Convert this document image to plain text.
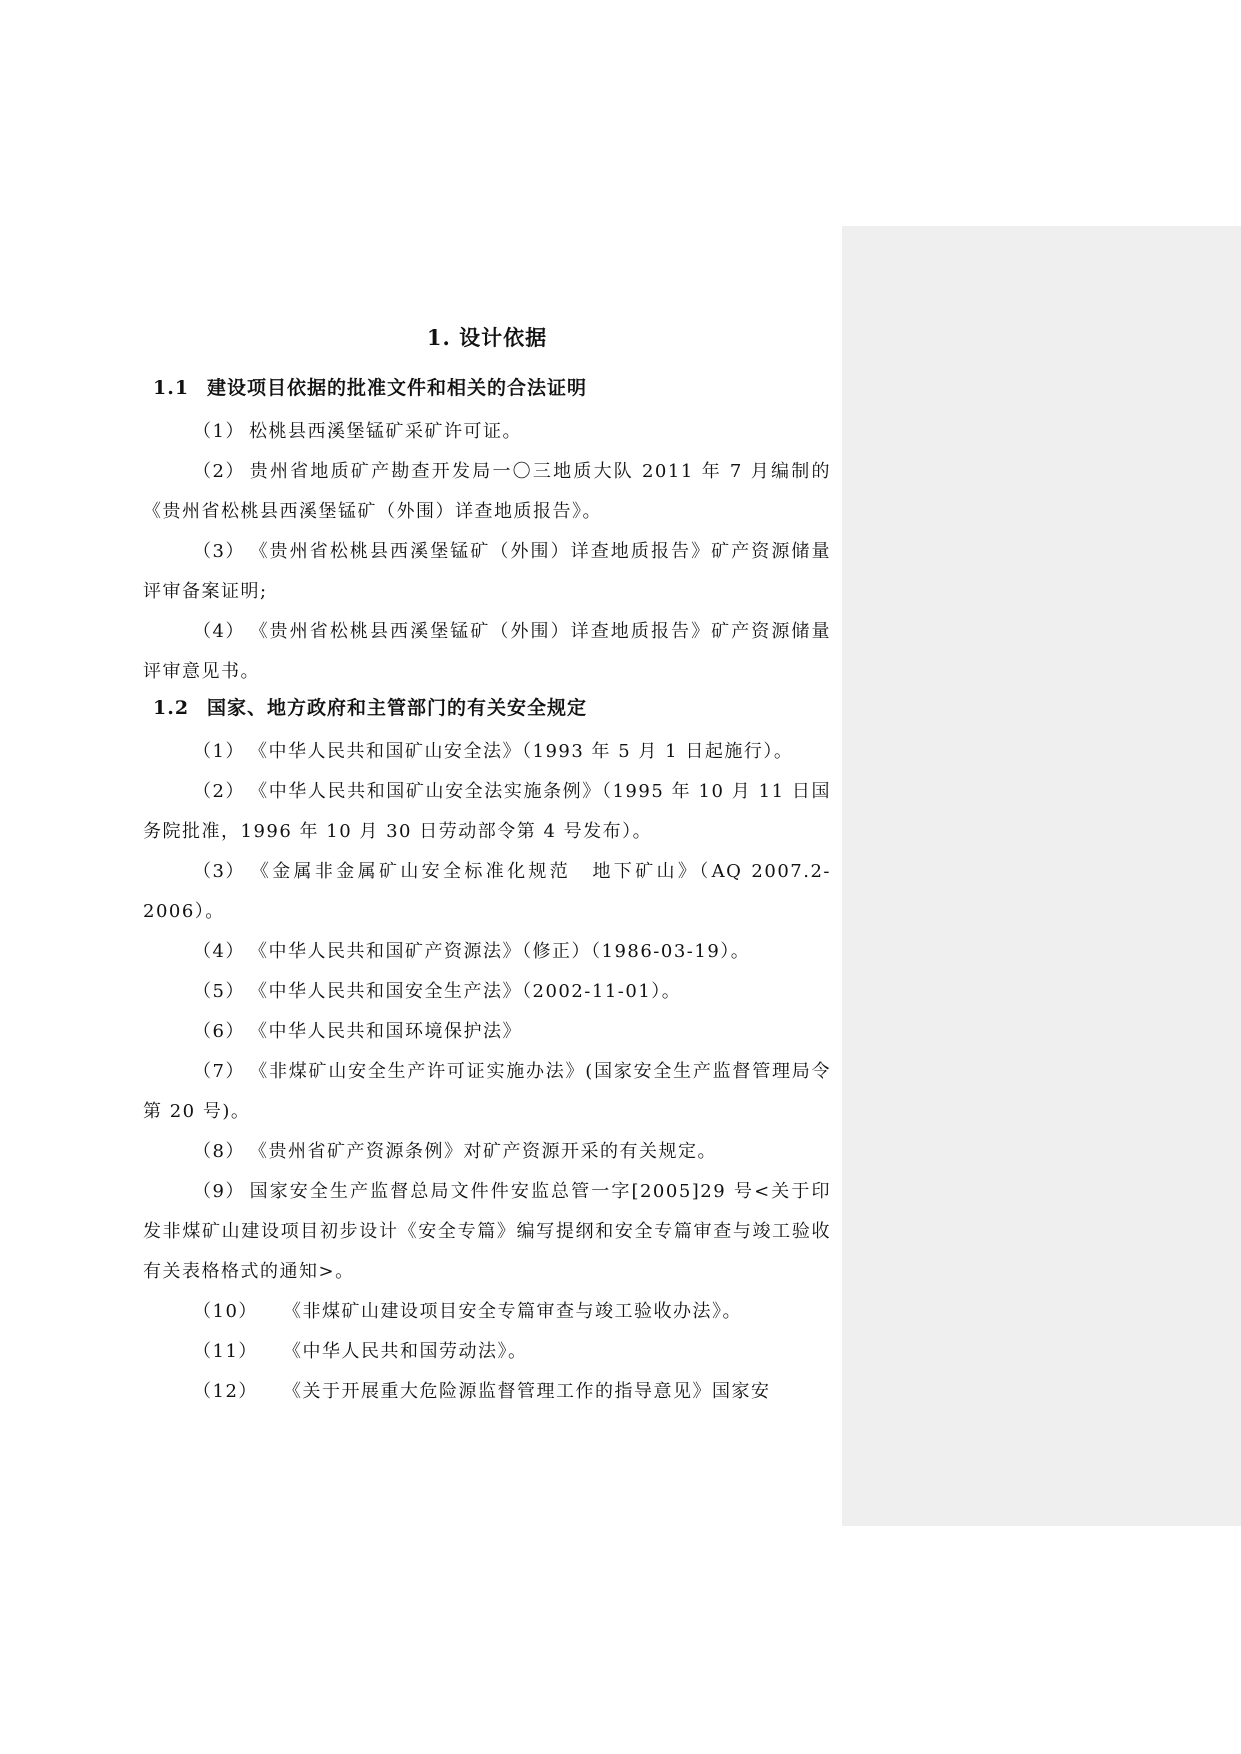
1. 设计依据
1.1 建设项目依据的批准文件和相关的合法证明

（1） 松桃县西溪堡锰矿采矿许可证。

（2） 贵州省地质矿产勘查开发局一〇三地质大队 2011 年 7 月编制的《贵州省松桃县西溪堡锰矿（外围）详查地质报告》。

（3） 《贵州省松桃县西溪堡锰矿（外围）详查地质报告》矿产资源储量评审备案证明;

（4） 《贵州省松桃县西溪堡锰矿（外围）详查地质报告》矿产资源储量评审意见书。

1.2 国家、地方政府和主管部门的有关安全规定

（1） 《中华人民共和国矿山安全法》（1993 年 5 月 1 日起施行）。

（2） 《中华人民共和国矿山安全法实施条例》（1995 年 10 月 11 日国务院批准，1996 年 10 月 30 日劳动部令第 4 号发布）。

（3） 《金属非金属矿山安全标准化规范　地下矿山》（AQ 2007.2-2006）。

（4） 《中华人民共和国矿产资源法》（修正）（1986-03-19）。

（5） 《中华人民共和国安全生产法》（2002-11-01）。

（6） 《中华人民共和国环境保护法》

（7） 《非煤矿山安全生产许可证实施办法》(国家安全生产监督管理局令第 20 号)。

（8） 《贵州省矿产资源条例》对矿产资源开采的有关规定。

（9） 国家安全生产监督总局文件件安监总管一字[2005]29 号<关于印发非煤矿山建设项目初步设计《安全专篇》编写提纲和安全专篇审查与竣工验收有关表格格式的通知>。

（10） 《非煤矿山建设项目安全专篇审查与竣工验收办法》。

（11） 《中华人民共和国劳动法》。

（12） 《关于开展重大危险源监督管理工作的指导意见》国家安
